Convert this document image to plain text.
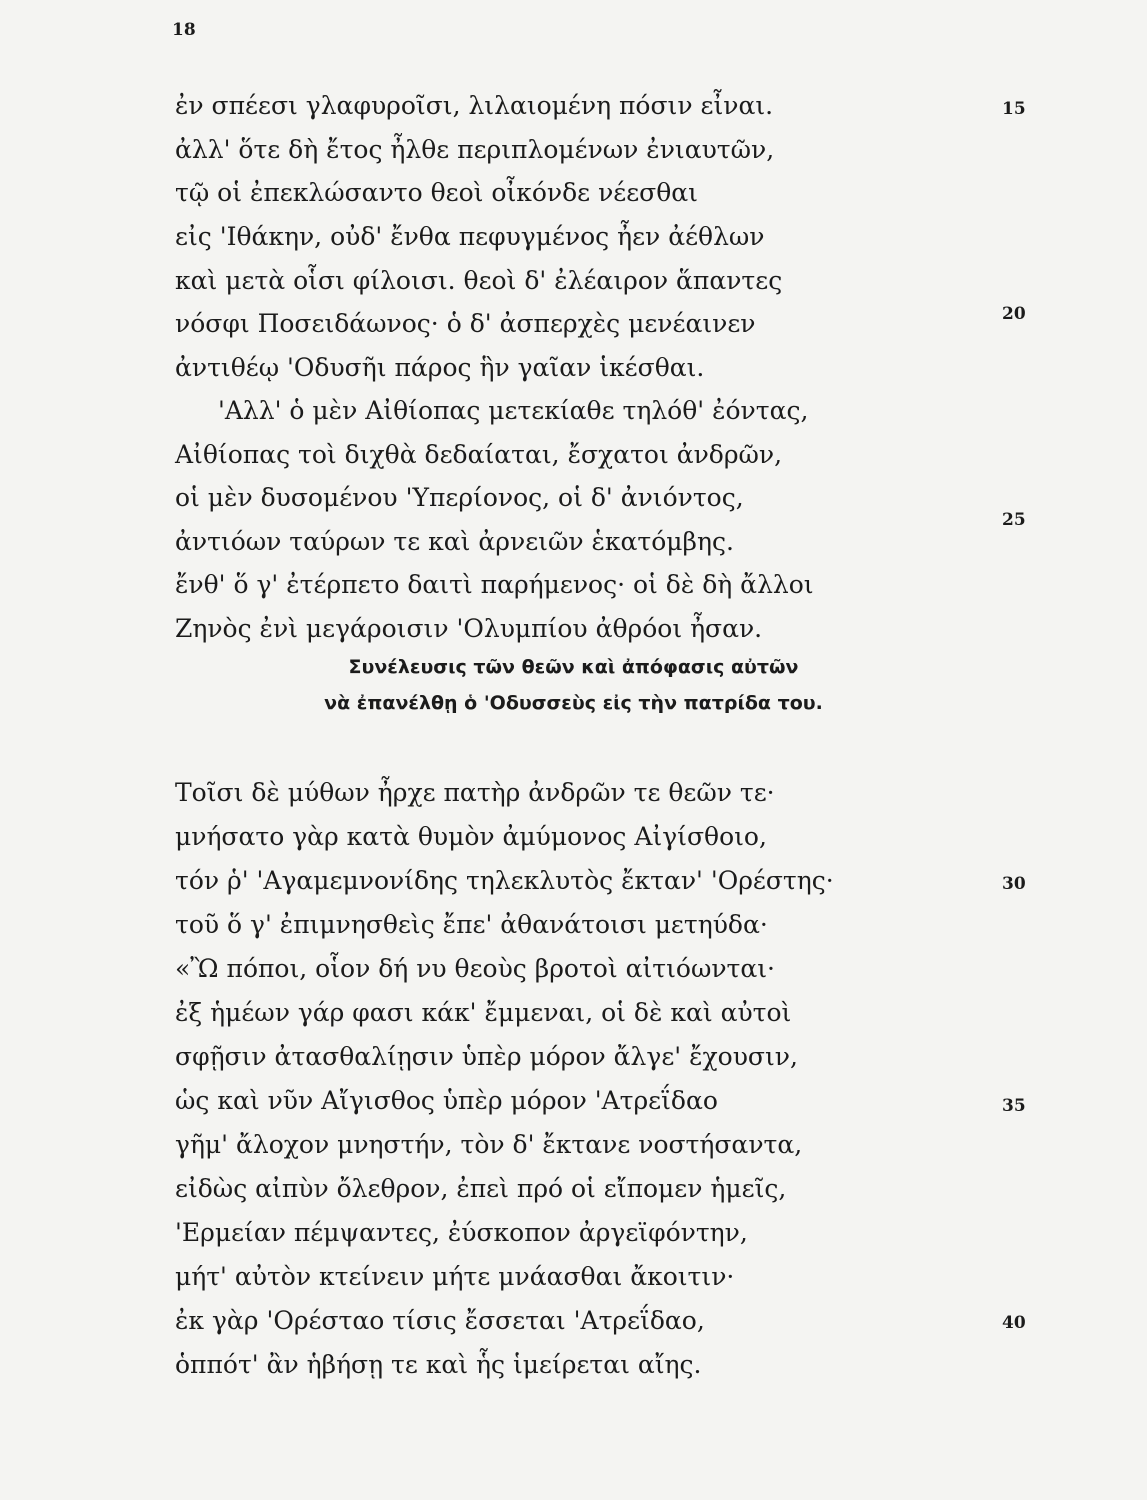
18
ἐν σπέεσι γλαφυροῖσι, λιλαιομένη πόσιν εἶναι.
ἀλλ' ὅτε δὴ ἔτος ἦλθε περιπλομένων ἐνιαυτῶν,
τῷ οἱ ἐπεκλώσαντο θεοὶ οἶκόνδε νέεσθαι
εἰς 'Ιθάκην, οὐδ' ἔνθα πεφυγμένος ἦεν ἀέθλων
καὶ μετὰ οἷσι φίλοισι. θεοὶ δ' ἐλέαιρον ἅπαντες
νόσφι Ποσειδάωνος· ὁ δ' ἀσπερχὲς μενέαινεν
ἀντιθέῳ 'Οδυσῆι πάρος ἣν γαῖαν ἱκέσθαι.
'Αλλ' ὁ μὲν Αἰθίοπας μετεκίαθε τηλόθ' ἐόντας,
Αἰθίοπας τοὶ διχθὰ δεδαίαται, ἔσχατοι ἀνδρῶν,
οἱ μὲν δυσομένου 'Υπερίονος, οἱ δ' ἀνιόντος,
ἀντιόων ταύρων τε καὶ ἀρνειῶν ἑκατόμβης.
ἔνθ' ὅ γ' ἐτέρπετο δαιτὶ παρήμενος· οἱ δὲ δὴ ἄλλοι
Ζηνὸς ἐνὶ μεγάροισιν 'Ολυμπίου ἀθρόοι ἦσαν.
15
20
25
Συνέλευσις τῶν θεῶν καὶ ἀπόφασις αὐτῶν
νὰ ἐπανέλθῃ ὁ 'Οδυσσεὺς εἰς τὴν πατρίδα του.
Τοῖσι δὲ μύθων ἦρχε πατὴρ ἀνδρῶν τε θεῶν τε·
μνήσατο γὰρ κατὰ θυμὸν ἀμύμονος Αἰγίσθοιο,
τόν ῥ' 'Αγαμεμνονίδης τηλεκλυτὸς ἔκταν' 'Ορέστης·
τοῦ ὅ γ' ἐπιμνησθεὶς ἔπε' ἀθανάτοισι μετηύδα·
«Ὢ πόποι, οἷον δή νυ θεοὺς βροτοὶ αἰτιόωνται·
ἐξ ἡμέων γάρ φασι κάκ' ἔμμεναι, οἱ δὲ καὶ αὐτοὶ
σφῇσιν ἀτασθαλίῃσιν ὑπὲρ μόρον ἄλγε' ἔχουσιν,
ὡς καὶ νῦν Αἴγισθος ὑπὲρ μόρον 'Ατρεΐδαο
γῆμ' ἄλοχον μνηστήν, τὸν δ' ἔκτανε νοστήσαντα,
εἰδὼς αἰπὺν ὄλεθρον, ἐπεὶ πρό οἱ εἴπομεν ἡμεῖς,
'Ερμείαν πέμψαντες, ἐύσκοπον ἀργεϊφόντην,
μήτ' αὐτὸν κτείνειν μήτε μνάασθαι ἄκοιτιν·
ἐκ γὰρ 'Ορέσταο τίσις ἔσσεται 'Ατρεΐδαο,
ὁππότ' ἂν ἡβήσῃ τε καὶ ἧς ἱμείρεται αἴης.
30
35
40
